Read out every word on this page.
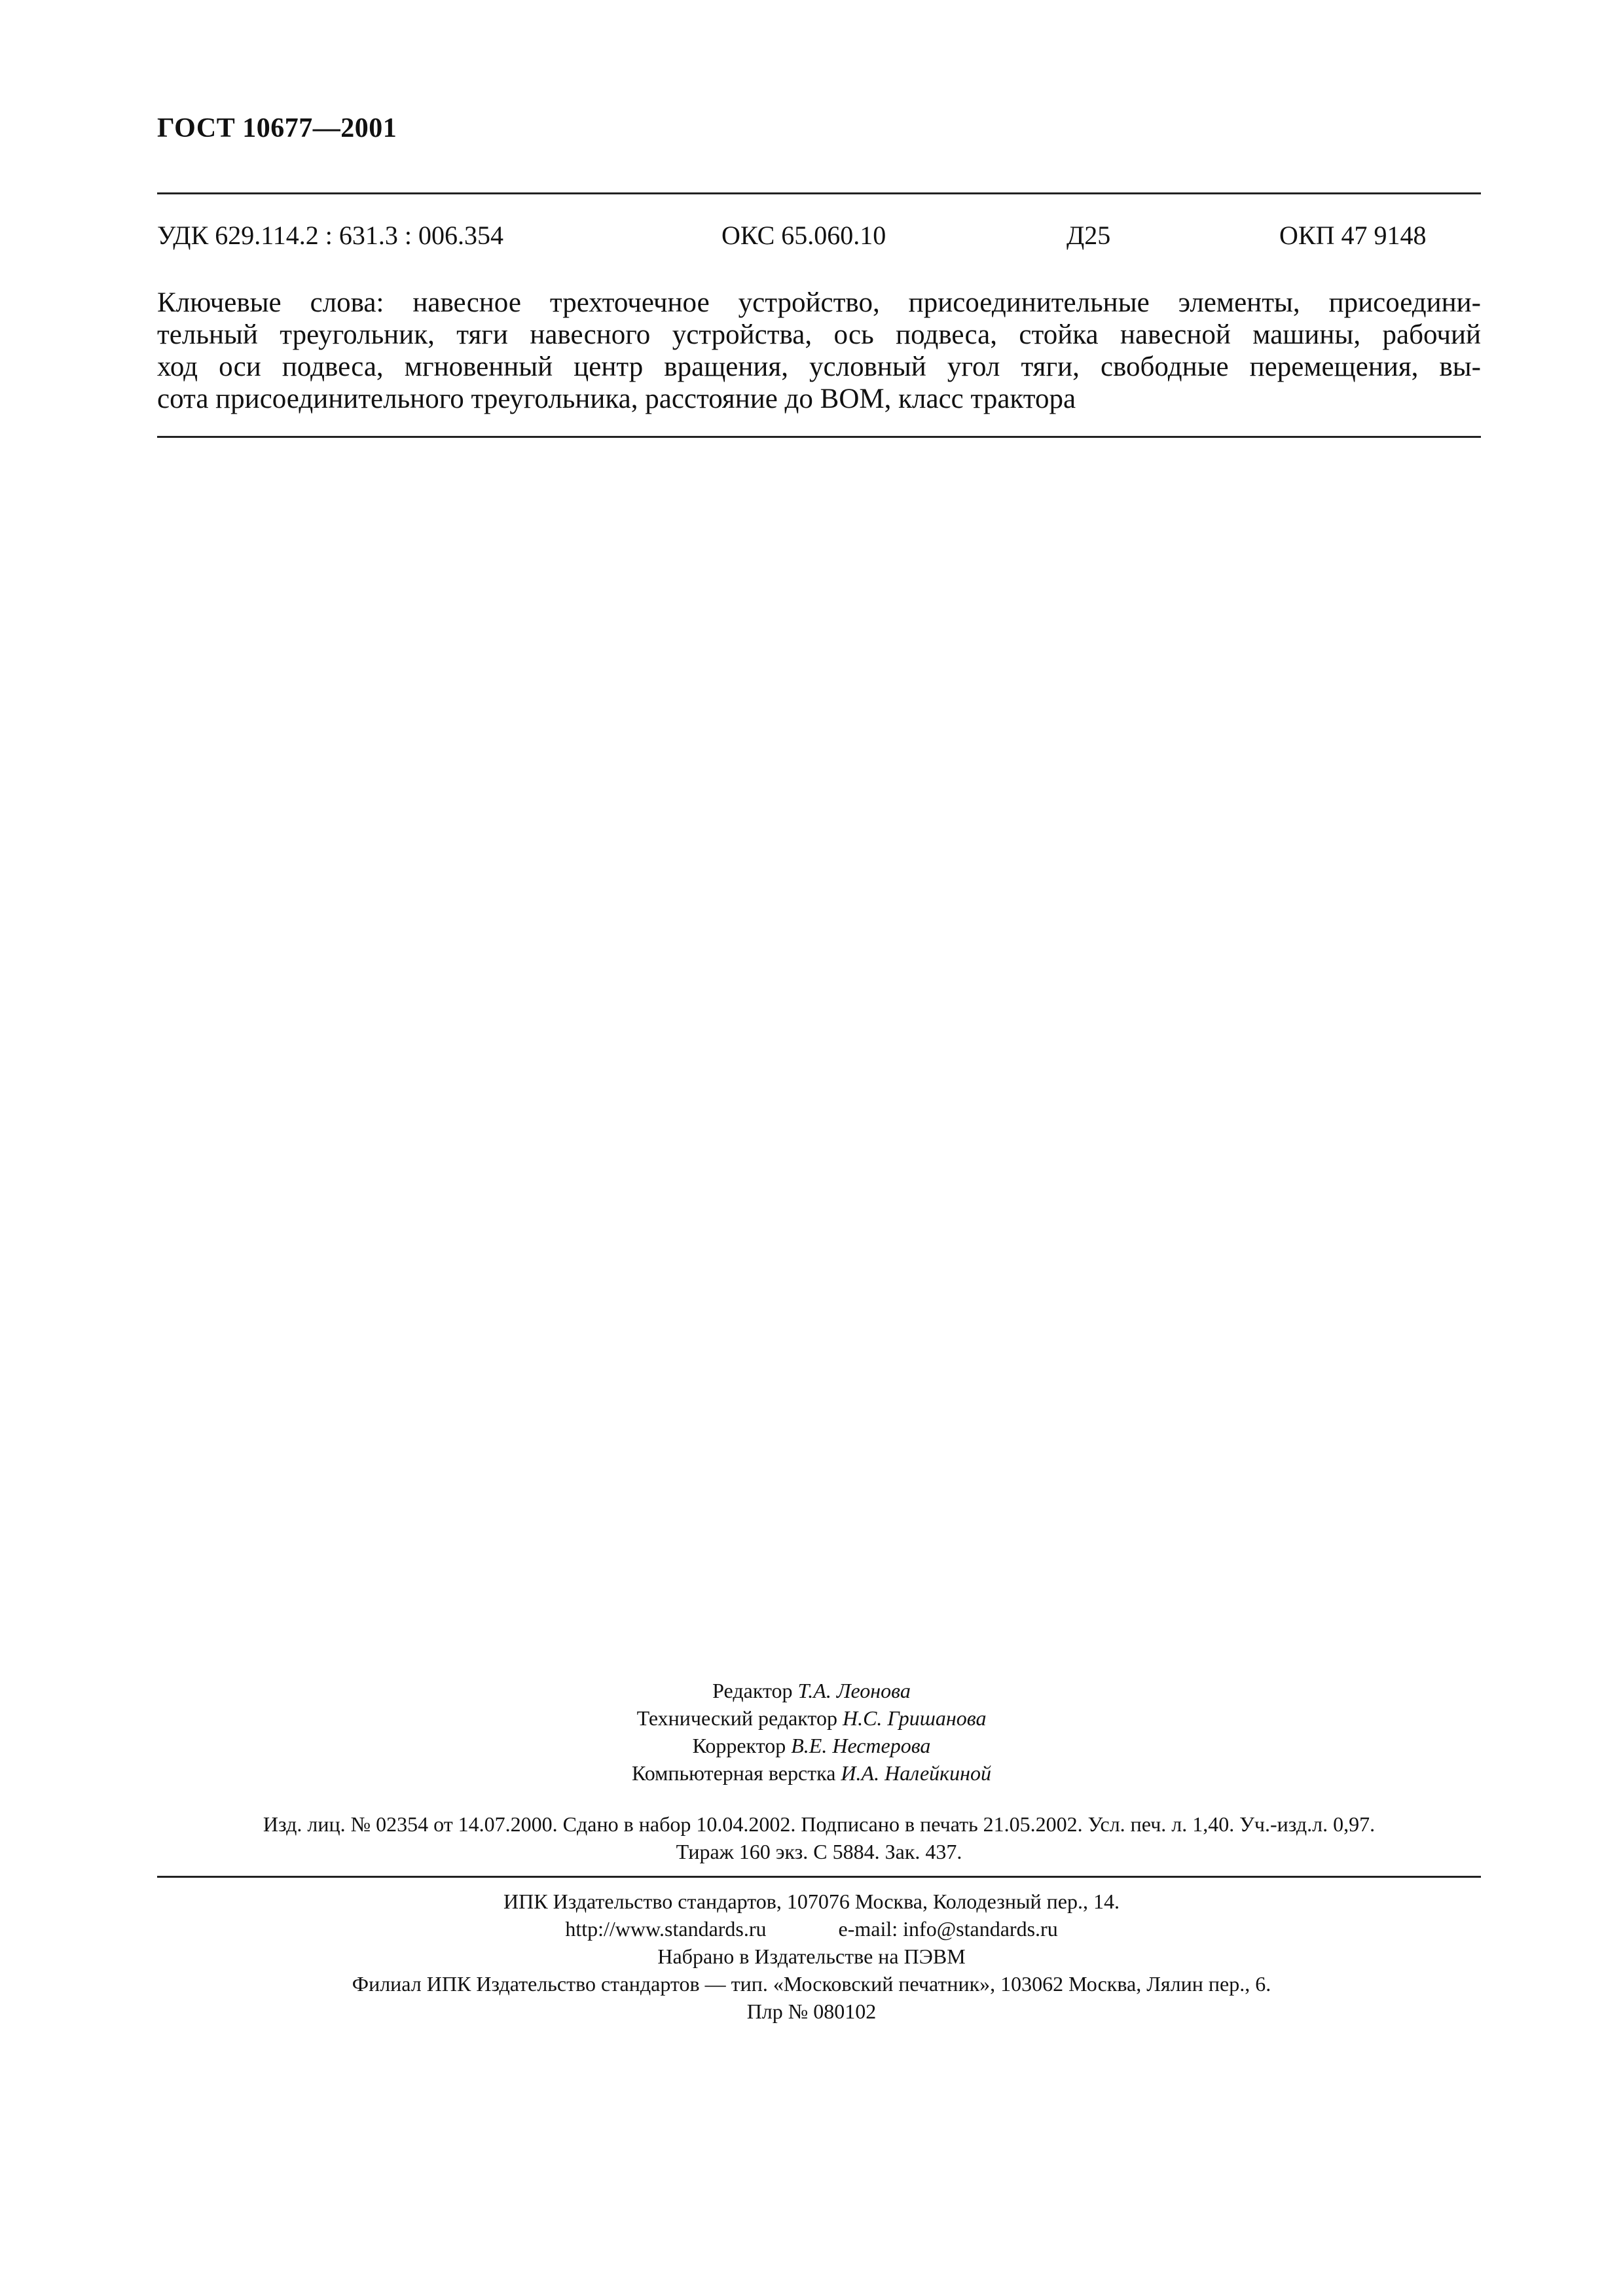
ГОСТ 10677—2001
УДК 629.114.2 : 631.3 : 006.354	ОКС 65.060.10	Д25	ОКП 47 9148
Ключевые слова: навесное трехточечное устройство, присоединительные элементы, присоедини-
тельный треугольник, тяги навесного устройства, ось подвеса, стойка навесной машины, рабочий
ход оси подвеса, мгновенный центр вращения, условный угол тяги, свободные перемещения, вы-
сота присоединительного треугольника, расстояние до ВОМ, класс трактора
Редактор Т.А. Леонова
Технический редактор Н.С. Гришанова
Корректор В.Е. Нестерова
Компьютерная верстка И.А. Налейкиной
Изд. лиц. № 02354 от 14.07.2000. Сдано в набор 10.04.2002. Подписано в печать 21.05.2002. Усл. печ. л. 1,40. Уч.-изд.л. 0,97.
Тираж 160 экз. С 5884. Зак. 437.
ИПК Издательство стандартов, 107076 Москва, Колодезный пер., 14.
http://www.standards.ru	e-mail: info@standards.ru
Набрано в Издательстве на ПЭВМ
Филиал ИПК Издательство стандартов — тип. «Московский печатник», 103062 Москва, Лялин пер., 6.
Плр № 080102
